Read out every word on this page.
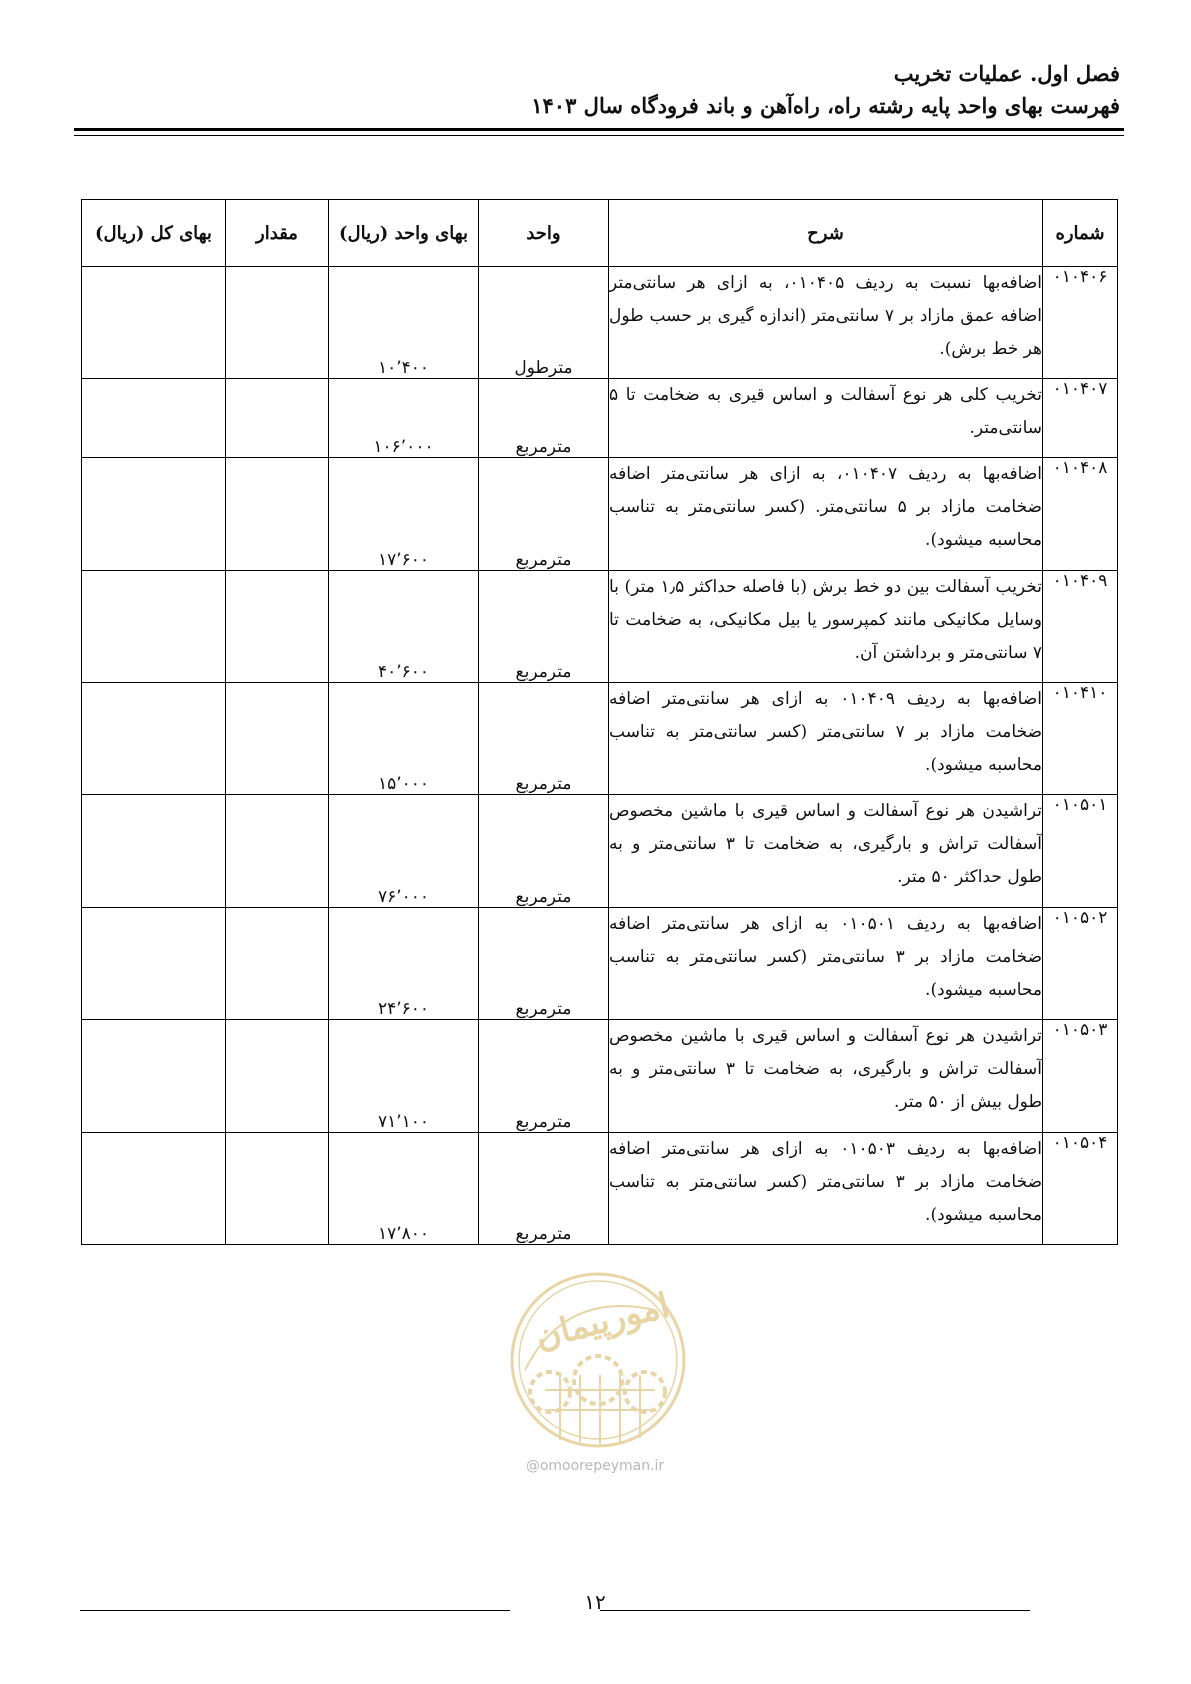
فصل اول. عملیات تخریب
فهرست بهای واحد پایه رشته راه، راه‌آهن و باند فرودگاه سال ۱۴۰۳
شماره	شرح	واحد	بهای واحد (ریال)	مقدار	بهای کل (ریال)
۰۱۰۴۰۶	اضافه‌بها نسبت به ردیف ۰۱۰۴۰۵، به ازای هر سانتی‌متر اضافه عمق مازاد بر ۷ سانتی‌متر (اندازه گیری بر حسب طول هر خط برش).	مترطول	۱۰٬۴۰۰		
۰۱۰۴۰۷	تخریب کلی هر نوع آسفالت و اساس قیری به ضخامت تا ۵ سانتی‌متر.	مترمربع	۱۰۶٬۰۰۰		
۰۱۰۴۰۸	اضافه‌بها به ردیف ۰۱۰۴۰۷، به ازای هر سانتی‌متر اضافه ضخامت مازاد بر ۵ سانتی‌متر. (کسر سانتی‌متر به تناسب محاسبه میشود).	مترمربع	۱۷٬۶۰۰		
۰۱۰۴۰۹	تخریب آسفالت بین دو خط برش (با فاصله حداکثر ۱٫۵ متر) با وسایل مکانیکی مانند کمپرسور یا بیل مکانیکی، به ضخامت تا ۷ سانتی‌متر و برداشتن آن.	مترمربع	۴۰٬۶۰۰		
۰۱۰۴۱۰	اضافه‌بها به ردیف ۰۱۰۴۰۹ به ازای هر سانتی‌متر اضافه ضخامت مازاد بر ۷ سانتی‌متر (کسر سانتی‌متر به تناسب محاسبه میشود).	مترمربع	۱۵٬۰۰۰		
۰۱۰۵۰۱	تراشیدن هر نوع آسفالت و اساس قیری با ماشین مخصوص آسفالت تراش و بارگیری، به ضخامت تا ۳ سانتی‌متر و به طول حداکثر ۵۰ متر.	مترمربع	۷۶٬۰۰۰		
۰۱۰۵۰۲	اضافه‌بها به ردیف ۰۱۰۵۰۱ به ازای هر سانتی‌متر اضافه ضخامت مازاد بر ۳ سانتی‌متر (کسر سانتی‌متر به تناسب محاسبه میشود).	مترمربع	۲۴٬۶۰۰		
۰۱۰۵۰۳	تراشیدن هر نوع آسفالت و اساس قیری با ماشین مخصوص آسفالت تراش و بارگیری، به ضخامت تا ۳ سانتی‌متر و به طول بیش از ۵۰ متر.	مترمربع	۷۱٬۱۰۰		
۰۱۰۵۰۴	اضافه‌بها به ردیف ۰۱۰۵۰۳ به ازای هر سانتی‌متر اضافه ضخامت مازاد بر ۳ سانتی‌متر (کسر سانتی‌متر به تناسب محاسبه میشود).	مترمربع	۱۷٬۸۰۰		
امورپیمان
@omoorepeyman.ir
۱۲
